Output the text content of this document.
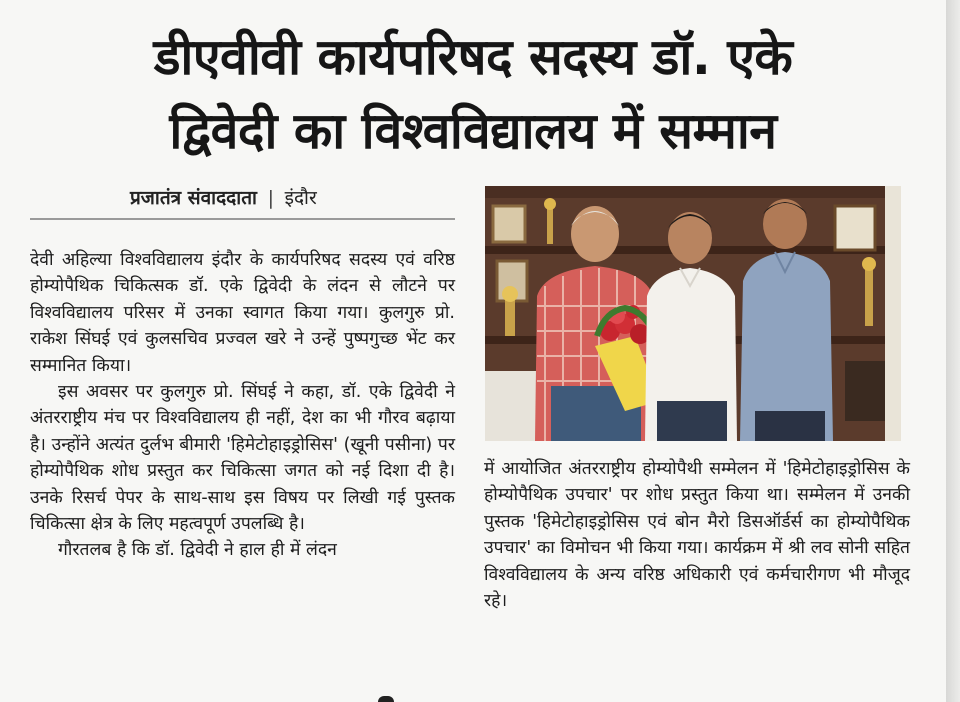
डीएवीवी कार्यपरिषद सदस्य डॉ. एके
द्विवेदी का विश्वविद्यालय में सम्मान
प्रजातंत्र संवाददाता | इंदौर

देवी अहिल्या विश्वविद्यालय इंदौर के कार्यपरिषद सदस्य एवं वरिष्ठ होम्योपैथिक चिकित्सक डॉ. एके द्विवेदी के लंदन से लौटने पर विश्वविद्यालय परिसर में उनका स्वागत किया गया। कुलगुरु प्रो. राकेश सिंघई एवं कुलसचिव प्रज्वल खरे ने उन्हें पुष्पगुच्छ भेंट कर सम्मानित किया।

इस अवसर पर कुलगुरु प्रो. सिंघई ने कहा, डॉ. एके द्विवेदी ने अंतरराष्ट्रीय मंच पर विश्वविद्यालय ही नहीं, देश का भी गौरव बढ़ाया है। उन्होंने अत्यंत दुर्लभ बीमारी 'हिमेटोहाइड्रोसिस' (खूनी पसीना) पर होम्योपैथिक शोध प्रस्तुत कर चिकित्सा जगत को नई दिशा दी है। उनके रिसर्च पेपर के साथ-साथ इस विषय पर लिखी गई पुस्तक चिकित्सा क्षेत्र के लिए महत्वपूर्ण उपलब्धि है।

गौरतलब है कि डॉ. द्विवेदी ने हाल ही में लंदन

में आयोजित अंतरराष्ट्रीय होम्योपैथी सम्मेलन में 'हिमेटोहाइड्रोसिस के होम्योपैथिक उपचार' पर शोध प्रस्तुत किया था। सम्मेलन में उनकी पुस्तक 'हिमेटोहाइड्रोसिस एवं बोन मैरो डिसऑर्डर्स का होम्योपैथिक उपचार' का विमोचन भी किया गया। कार्यक्रम में श्री लव सोनी सहित विश्वविद्यालय के अन्य वरिष्ठ अधिकारी एवं कर्मचारीगण भी मौजूद रहे।
